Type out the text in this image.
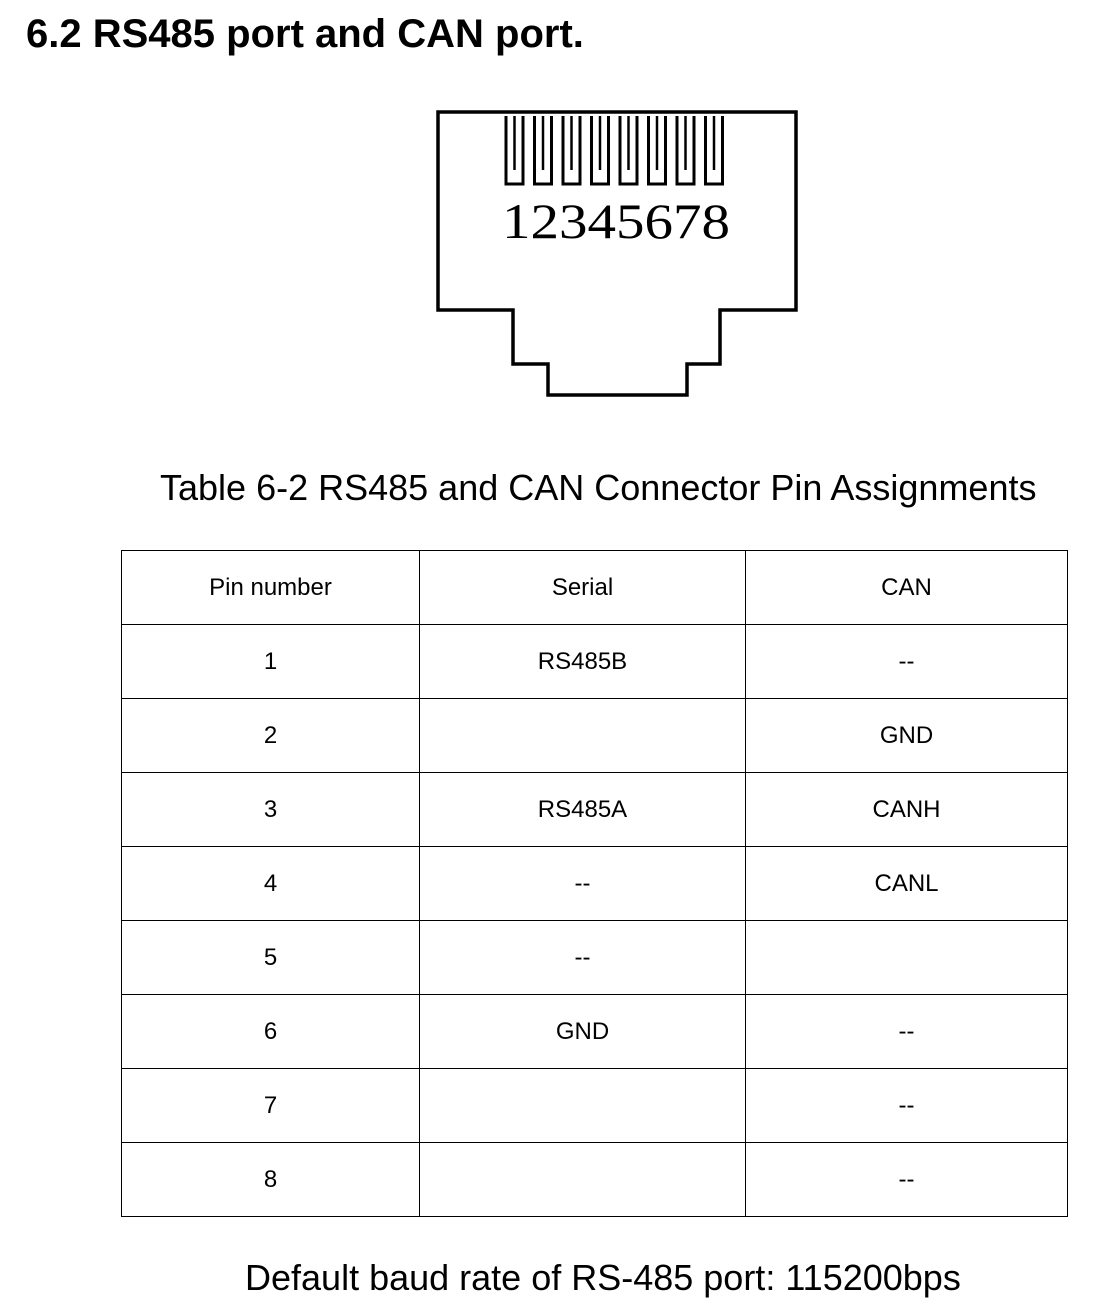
6.2 RS485 port and CAN port.
12345678
Table 6-2 RS485 and CAN Connector Pin Assignments
Pin number	Serial	CAN
1	RS485B	--
2		GND
3	RS485A	CANH
4	--	CANL
5	--	
6	GND	--
7		--
8		--
Default baud rate of RS-485 port: 115200bps
